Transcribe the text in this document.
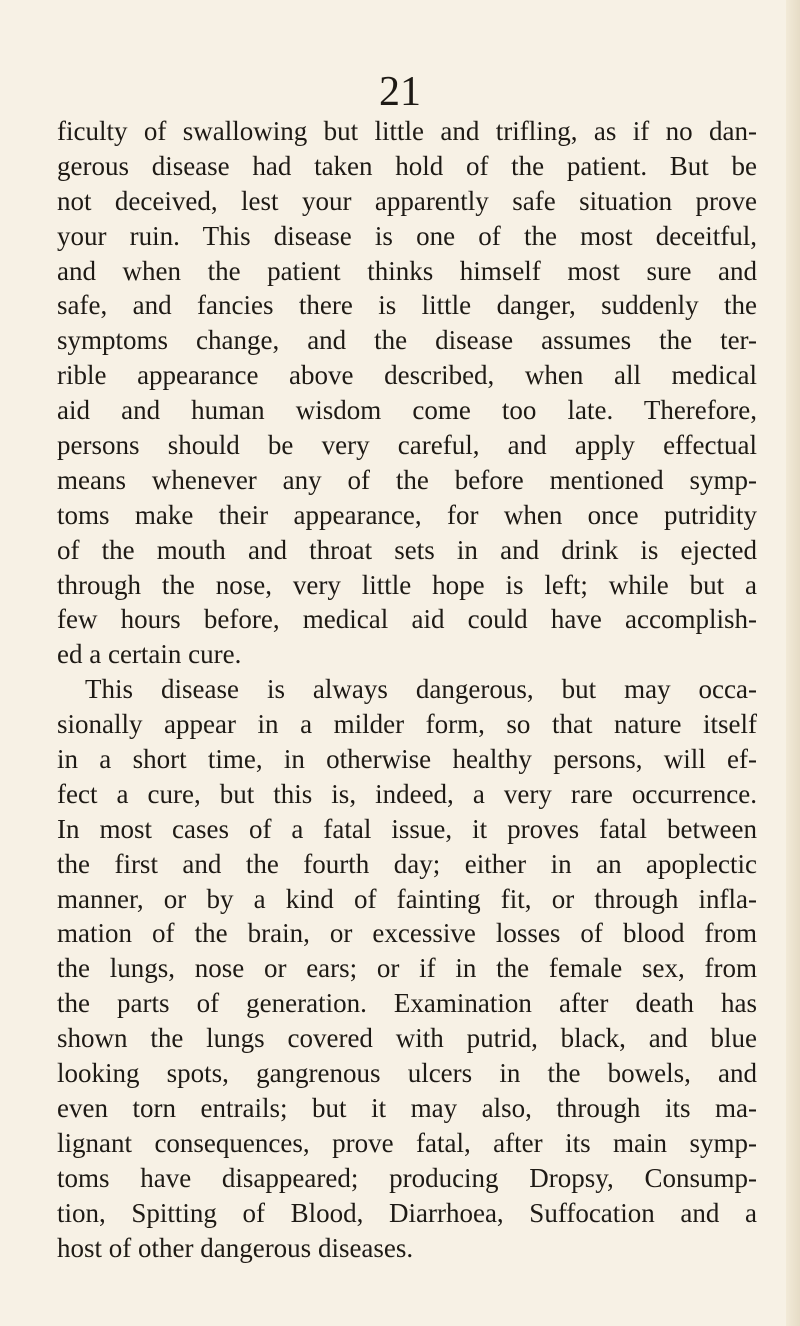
21
ficulty of swallowing but little and trifling, as if no dan-
gerous disease had taken hold of the patient. But be
not deceived, lest your apparently safe situation prove
your ruin. This disease is one of the most deceitful,
and when the patient thinks himself most sure and
safe, and fancies there is little danger, suddenly the
symptoms change, and the disease assumes the ter-
rible appearance above described, when all medical
aid and human wisdom come too late. Therefore,
persons should be very careful, and apply effectual
means whenever any of the before mentioned symp-
toms make their appearance, for when once putridity
of the mouth and throat sets in and drink is ejected
through the nose, very little hope is left; while but a
few hours before, medical aid could have accomplish-
ed a certain cure.
This disease is always dangerous, but may occa-
sionally appear in a milder form, so that nature itself
in a short time, in otherwise healthy persons, will ef-
fect a cure, but this is, indeed, a very rare occurrence.
In most cases of a fatal issue, it proves fatal between
the first and the fourth day; either in an apoplectic
manner, or by a kind of fainting fit, or through infla-
mation of the brain, or excessive losses of blood from
the lungs, nose or ears; or if in the female sex, from
the parts of generation. Examination after death has
shown the lungs covered with putrid, black, and blue
looking spots, gangrenous ulcers in the bowels, and
even torn entrails; but it may also, through its ma-
lignant consequences, prove fatal, after its main symp-
toms have disappeared; producing Dropsy, Consump-
tion, Spitting of Blood, Diarrhoea, Suffocation and a
host of other dangerous diseases.
